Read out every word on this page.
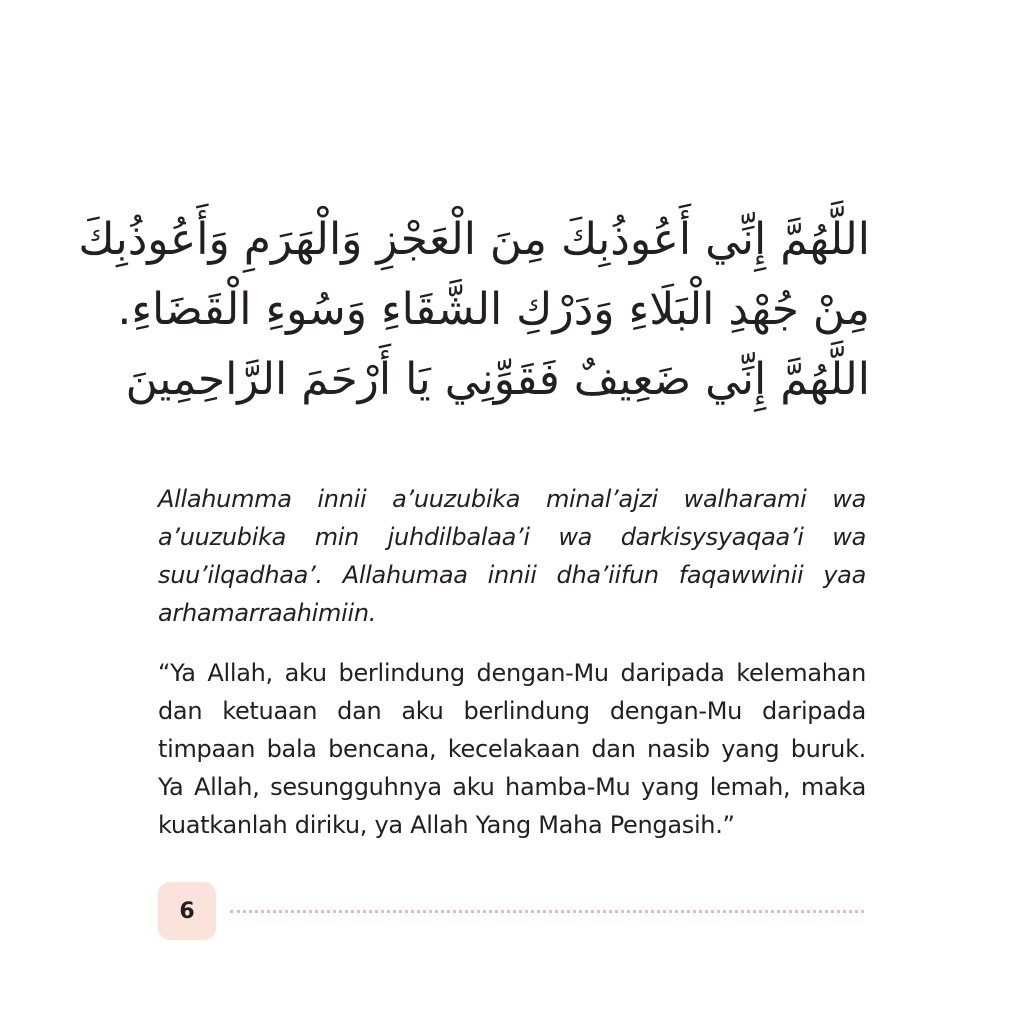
اللَّهُمَّ إِنِّي أَعُوذُبِكَ مِنَ الْعَجْزِ وَالْهَرَمِ وَأَعُوذُبِكَ
مِنْ جُهْدِ الْبَلَاءِ وَدَرْكِ الشَّقَاءِ وَسُوءِ الْقَضَاءِ.
اللَّهُمَّ إِنِّي ضَعِيفٌ فَقَوِّنِي يَا أَرْحَمَ الرَّاحِمِينَ

Allahumma innii a’uuzubika minal’ajzi walharami wa a’uuzubika min juhdilbalaa’i wa darkisysyaqaa’i wa suu’ilqadhaa’. Allahumaa innii dha’iifun faqawwinii yaa arhamarraahimiin.

“Ya Allah, aku berlindung dengan-Mu daripada kelemahan dan ketuaan dan aku berlindung dengan-Mu daripada timpaan bala bencana, kecelakaan dan nasib yang buruk. Ya Allah, sesungguhnya aku hamba-Mu yang lemah, maka kuatkanlah diriku, ya Allah Yang Maha Pengasih.”

6
